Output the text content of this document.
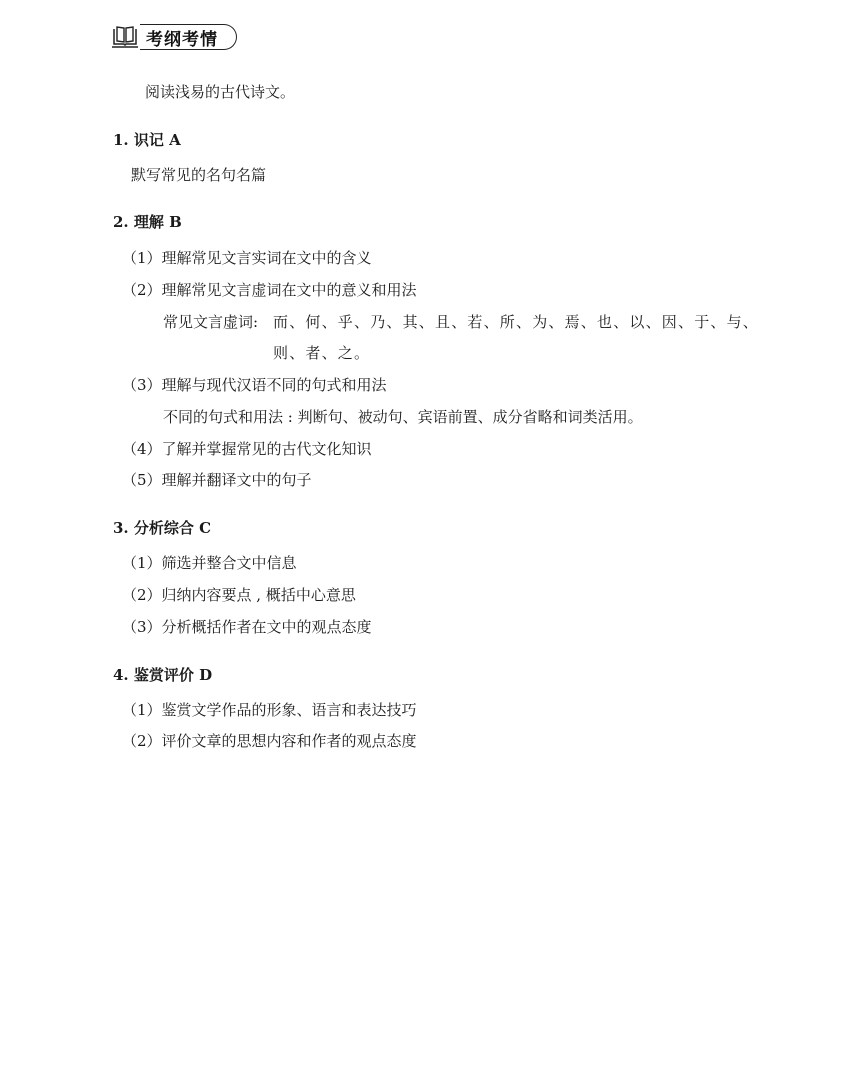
考纲考情
阅读浅易的古代诗文。
1. 识记 A
默写常见的名句名篇
2. 理解 B
（1）理解常见文言实词在文中的含义
（2）理解常见文言虚词在文中的意义和用法
常见文言虚词: 而、何、乎、乃、其、且、若、所、为、焉、也、以、因、于、与、
则、者、之。
（3）理解与现代汉语不同的句式和用法
不同的句式和用法 : 判断句、被动句、宾语前置、成分省略和词类活用。
（4）了解并掌握常见的古代文化知识
（5）理解并翻译文中的句子
3. 分析综合 C
（1）筛选并整合文中信息
（2）归纳内容要点 , 概括中心意思
（3）分析概括作者在文中的观点态度
4. 鉴赏评价 D
（1）鉴赏文学作品的形象、语言和表达技巧
（2）评价文章的思想内容和作者的观点态度
